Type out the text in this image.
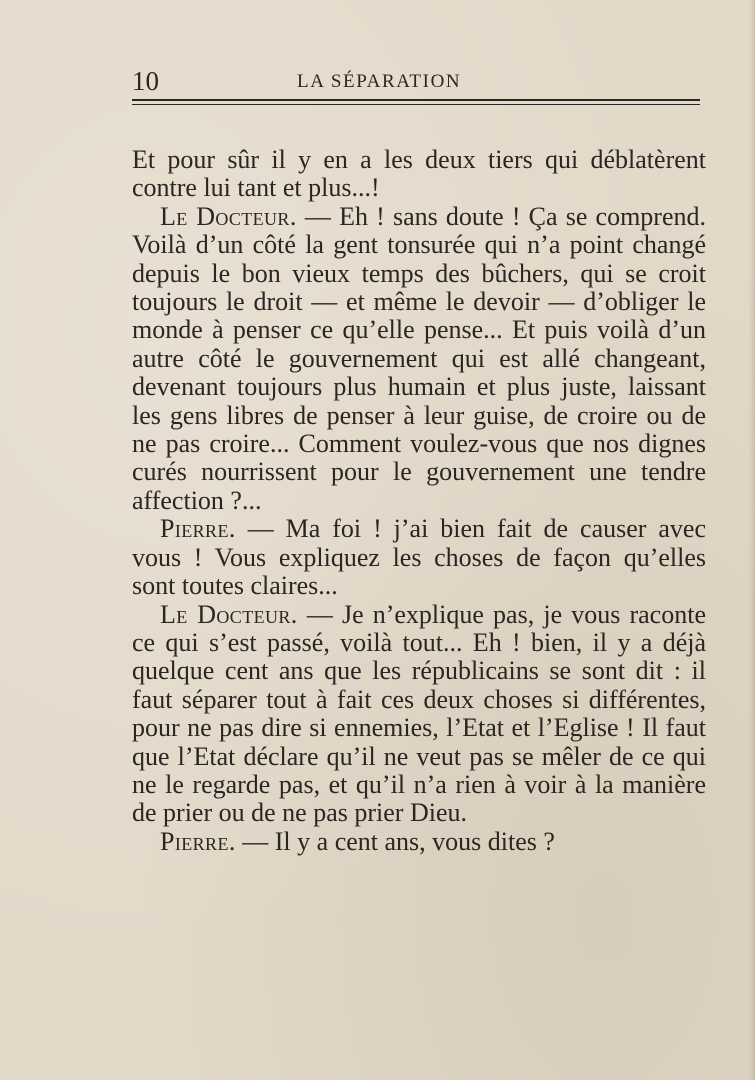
10	LA SÉPARATION

Et pour sûr il y en a les deux tiers qui déblatèrent contre lui tant et plus...!

Le Docteur. — Eh ! sans doute ! Ça se comprend. Voilà d’un côté la gent tonsurée qui n’a point changé depuis le bon vieux temps des bûchers, qui se croit toujours le droit — et même le devoir — d’obliger le monde à penser ce qu’elle pense... Et puis voilà d’un autre côté le gouvernement qui est allé changeant, devenant toujours plus humain et plus juste, laissant les gens libres de penser à leur guise, de croire ou de ne pas croire... Comment voulez-vous que nos dignes curés nourrissent pour le gouvernement une tendre affection ?...

Pierre. — Ma foi ! j’ai bien fait de causer avec vous ! Vous expliquez les choses de façon qu’elles sont toutes claires...

Le Docteur. — Je n’explique pas, je vous raconte ce qui s’est passé, voilà tout... Eh ! bien, il y a déjà quelque cent ans que les républicains se sont dit : il faut séparer tout à fait ces deux choses si différentes, pour ne pas dire si ennemies, l’Etat et l’Eglise ! Il faut que l’Etat déclare qu’il ne veut pas se mêler de ce qui ne le regarde pas, et qu’il n’a rien à voir à la manière de prier ou de ne pas prier Dieu.

Pierre. — Il y a cent ans, vous dites ?
